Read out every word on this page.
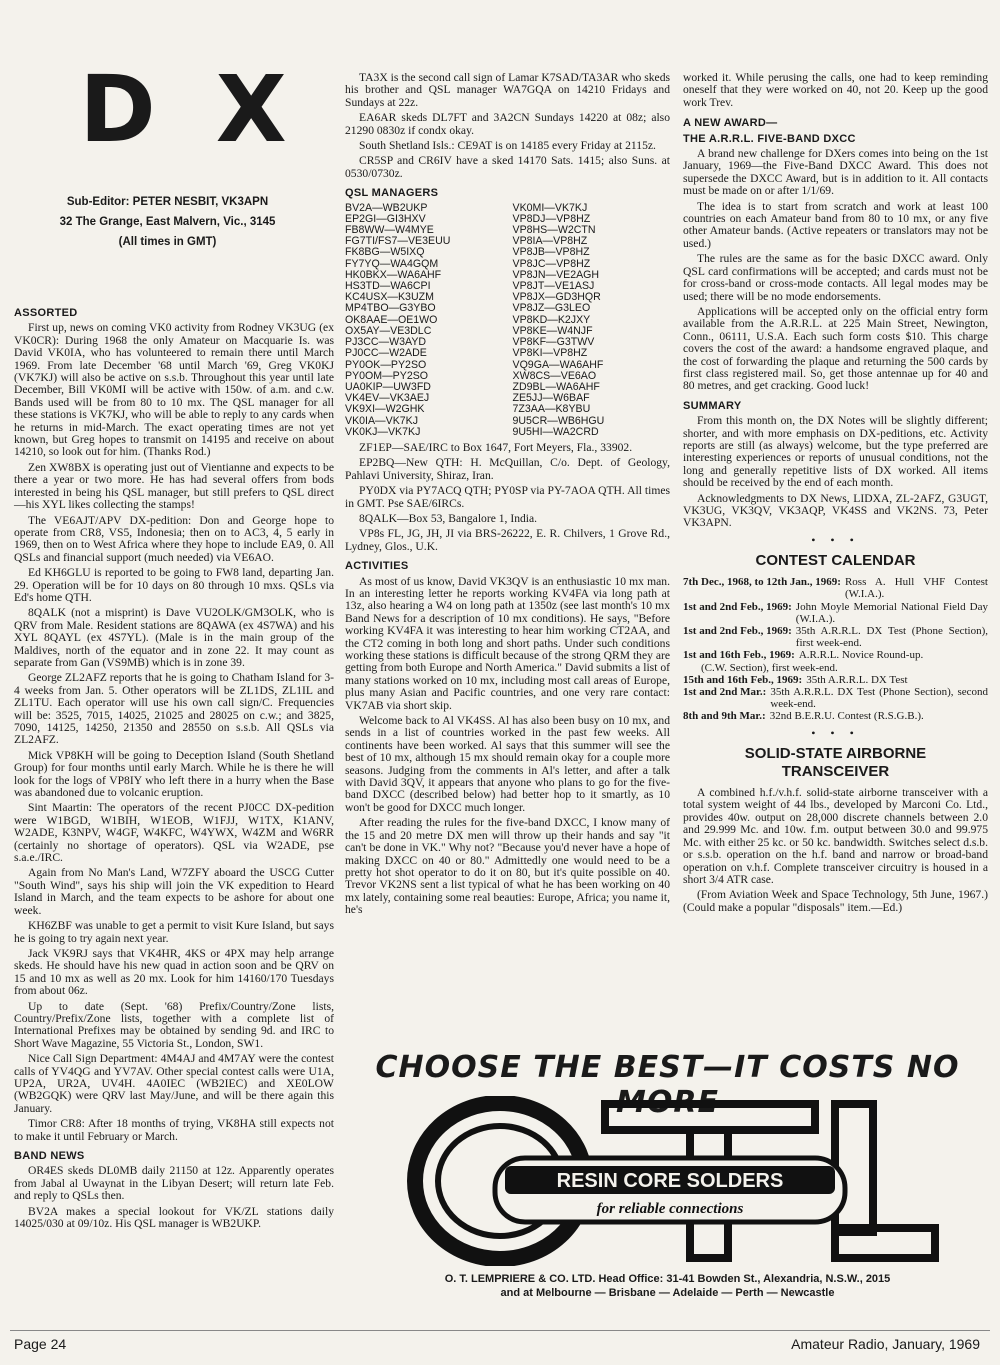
D X
Sub-Editor: PETER NESBIT, VK3APN
32 The Grange, East Malvern, Vic., 3145
(All times in GMT)
ASSORTED

First up, news on coming VK0 activity from Rodney VK3UG (ex VK0CR): During 1968 the only Amateur on Macquarie Is. was David VK0IA, who has volunteered to remain there until March 1969. From late December '68 until March '69, Greg VK0KJ (VK7KJ) will also be active on s.s.b. Throughout this year until late December, Bill VK0MI will be active with 150w. of a.m. and c.w. Bands used will be from 80 to 10 mx. The QSL manager for all these stations is VK7KJ, who will be able to reply to any cards when he returns in mid-March. The exact operating times are not yet known, but Greg hopes to transmit on 14195 and receive on about 14210, so look out for him. (Thanks Rod.)

Zen XW8BX is operating just out of Vientianne and expects to be there a year or two more. He has had several offers from bods interested in being his QSL manager, but still prefers to QSL direct—his XYL likes collecting the stamps!

The VE6AJT/APV DX-pedition: Don and George hope to operate from CR8, VS5, Indonesia; then on to AC3, 4, 5 early in 1969, then on to West Africa where they hope to include EA9, 0. All QSLs and financial support (much needed) via VE6AO.

Ed KH6GLU is reported to be going to FW8 land, departing Jan. 29. Operation will be for 10 days on 80 through 10 mxs. QSLs via Ed's home QTH.

8QALK (not a misprint) is Dave VU2OLK/GM3OLK, who is QRV from Male. Resident stations are 8QAWA (ex 4S7WA) and his XYL 8QAYL (ex 4S7YL). (Male is in the main group of the Maldives, north of the equator and in zone 22. It may count as separate from Gan (VS9MB) which is in zone 39.

George ZL2AFZ reports that he is going to Chatham Island for 3-4 weeks from Jan. 5. Other operators will be ZL1DS, ZL1IL and ZL1TU. Each operator will use his own call sign/C. Frequencies will be: 3525, 7015, 14025, 21025 and 28025 on c.w.; and 3825, 7090, 14125, 14250, 21350 and 28550 on s.s.b. All QSLs via ZL2AFZ.

Mick VP8KH will be going to Deception Island (South Shetland Group) for four months until early March. While he is there he will look for the logs of VP8IY who left there in a hurry when the Base was abandoned due to volcanic eruption.

Sint Maartin: The operators of the recent PJ0CC DX-pedition were W1BGD, W1BIH, W1EOB, W1FJJ, W1TX, K1ANV, W2ADE, K3NPV, W4GF, W4KFC, W4YWX, W4ZM and W6RR (certainly no shortage of operators). QSL via W2ADE, pse s.a.e./IRC.

Again from No Man's Land, W7ZFY aboard the USCG Cutter "South Wind", says his ship will join the VK expedition to Heard Island in March, and the team expects to be ashore for about one week.

KH6ZBF was unable to get a permit to visit Kure Island, but says he is going to try again next year.

Jack VK9RJ says that VK4HR, 4KS or 4PX may help arrange skeds. He should have his new quad in action soon and be QRV on 15 and 10 mx as well as 20 mx. Look for him 14160/170 Tuesdays from about 06z.

Up to date (Sept. '68) Prefix/Country/Zone lists, Country/Prefix/Zone lists, together with a complete list of International Prefixes may be obtained by sending 9d. and IRC to Short Wave Magazine, 55 Victoria St., London, SW1.

Nice Call Sign Department: 4M4AJ and 4M7AY were the contest calls of YV4QG and YV7AV. Other special contest calls were U1A, UP2A, UR2A, UV4H. 4A0IEC (WB2IEC) and XE0LOW (WB2GQK) were QRV last May/June, and will be there again this January.

Timor CR8: After 18 months of trying, VK8HA still expects not to make it until February or March.

BAND NEWS

OR4ES skeds DL0MB daily 21150 at 12z. Apparently operates from Jabal al Uwaynat in the Libyan Desert; will return late Feb. and reply to QSLs then.

BV2A makes a special lookout for VK/ZL stations daily 14025/030 at 09/10z. His QSL manager is WB2UKP.

TA3X is the second call sign of Lamar K7SAD/TA3AR who skeds his brother and QSL manager WA7GQA on 14210 Fridays and Sundays at 22z.

EA6AR skeds DL7FT and 3A2CN Sundays 14220 at 08z; also 21290 0830z if condx okay.

South Shetland Isls.: CE9AT is on 14185 every Friday at 2115z.

CR5SP and CR6IV have a sked 14170 Sats. 1415; also Suns. at 0530/0730z.

QSL MANAGERS
BV2A—WB2UKP
EP2GI—GI3HXV
FB8WW—W4MYE
FG7TI/FS7—VE3EUU
FK8BG—W5IXQ
FY7YQ—WA4GQM
HK0BKX—WA6AHF
HS3TD—WA6CPI
KC4USX—K3UZM
MP4TBO—G3YBO
OK8AAE—OE1WO
OX5AY—VE3DLC
PJ3CC—W3AYD
PJ0CC—W2ADE
PY0OK—PY2SO
PY0OM—PY2SO
UA0KIP—UW3FD
VK4EV—VK3AEJ
VK9XI—W2GHK
VK0IA—VK7KJ
VK0KJ—VK7KJ
VK0MI—VK7KJ
VP8DJ—VP8HZ
VP8HS—W2CTN
VP8IA—VP8HZ
VP8JB—VP8HZ
VP8JC—VP8HZ
VP8JN—VE2AGH
VP8JT—VE1ASJ
VP8JX—GD3HQR
VP8JZ—G3LEO
VP8KD—K2JXY
VP8KE—W4NJF
VP8KF—G3TWV
VP8KI—VP8HZ
VQ9GA—WA6AHF
XW8CS—VE6AO
ZD9BL—WA6AHF
ZE5JJ—W6BAF
7Z3AA—K8YBU
9U5CR—WB6HGU
9U5HI—WA2CRD

ZF1EP—SAE/IRC to Box 1647, Fort Meyers, Fla., 33902.

EP2BQ—New QTH: H. McQuillan, C/o. Dept. of Geology, Pahlavi University, Shiraz, Iran.

PY0DX via PY7ACQ QTH; PY0SP via PY-7AOA QTH. All times in GMT. Pse SAE/6IRCs.

8QALK—Box 53, Bangalore 1, India.

VP8s FL, JG, JH, JI via BRS-26222, E. R. Chilvers, 1 Grove Rd., Lydney, Glos., U.K.

ACTIVITIES

As most of us know, David VK3QV is an enthusiastic 10 mx man. In an interesting letter he reports working KV4FA via long path at 13z, also hearing a W4 on long path at 1350z (see last month's 10 mx Band News for a description of 10 mx conditions). He says, "Before working KV4FA it was interesting to hear him working CT2AA, and the CT2 coming in both long and short paths. Under such conditions working these stations is difficult because of the strong QRM they are getting from both Europe and North America." David submits a list of many stations worked on 10 mx, including most call areas of Europe, plus many Asian and Pacific countries, and one very rare contact: VK7AB via short skip.

Welcome back to Al VK4SS. Al has also been busy on 10 mx, and sends in a list of countries worked in the past few weeks. All continents have been worked. Al says that this summer will see the best of 10 mx, although 15 mx should remain okay for a couple more seasons. Judging from the comments in Al's letter, and after a talk with David 3QV, it appears that anyone who plans to go for the five-band DXCC (described below) had better hop to it smartly, as 10 won't be good for DXCC much longer.

After reading the rules for the five-band DXCC, I know many of the 15 and 20 metre DX men will throw up their hands and say "it can't be done in VK." Why not? "Because you'd never have a hope of making DXCC on 40 or 80." Admittedly one would need to be a pretty hot shot operator to do it on 80, but it's quite possible on 40. Trevor VK2NS sent a list typical of what he has been working on 40 mx lately, containing some real beauties: Europe, Africa; you name it, he's

worked it. While perusing the calls, one had to keep reminding oneself that they were worked on 40, not 20. Keep up the good work Trev.

A NEW AWARD—
THE A.R.R.L. FIVE-BAND DXCC

A brand new challenge for DXers comes into being on the 1st January, 1969—the Five-Band DXCC Award. This does not supersede the DXCC Award, but is in addition to it. All contacts must be made on or after 1/1/69.

The idea is to start from scratch and work at least 100 countries on each Amateur band from 80 to 10 mx, or any five other Amateur bands. (Active repeaters or translators may not be used.)

The rules are the same as for the basic DXCC award. Only QSL card confirmations will be accepted; and cards must not be for cross-band or cross-mode contacts. All legal modes may be used; there will be no mode endorsements.

Applications will be accepted only on the official entry form available from the A.R.R.L. at 225 Main Street, Newington, Conn., 06111, U.S.A. Each such form costs $10. This charge covers the cost of the award: a handsome engraved plaque, and the cost of forwarding the plaque and returning the 500 cards by first class registered mail. So, get those antennae up for 40 and 80 metres, and get cracking. Good luck!

SUMMARY

From this month on, the DX Notes will be slightly different; shorter, and with more emphasis on DX-peditions, etc. Activity reports are still (as always) welcome, but the type preferred are interesting experiences or reports of unusual conditions, not the long and generally repetitive lists of DX worked. All items should be received by the end of each month.

Acknowledgments to DX News, LIDXA, ZL-2AFZ, G3UGT, VK3UG, VK3QV, VK3AQP, VK4SS and VK2NS. 73, Peter VK3APN.

• • •
CONTEST CALENDAR
7th Dec., 1968, to 12th Jan., 1969: Ross A. Hull VHF Contest (W.I.A.).
1st and 2nd Feb., 1969: John Moyle Memorial National Field Day (W.I.A.).
1st and 2nd Feb., 1969: 35th A.R.R.L. DX Test (Phone Section), first week-end.
1st and 16th Feb., 1969: A.R.R.L. Novice Round-up.
(C.W. Section), first week-end.
15th and 16th Feb., 1969: 35th A.R.R.L. DX Test
1st and 2nd Mar.: 35th A.R.R.L. DX Test (Phone Section), second week-end.
8th and 9th Mar.: 32nd B.E.R.U. Contest (R.S.G.B.).
• • •
SOLID-STATE AIRBORNE TRANSCEIVER

A combined h.f./v.h.f. solid-state airborne transceiver with a total system weight of 44 lbs., developed by Marconi Co. Ltd., provides 40w. output on 28,000 discrete channels between 2.0 and 29.999 Mc. and 10w. f.m. output between 30.0 and 99.975 Mc. with either 25 kc. or 50 kc. bandwidth. Switches select d.s.b. or s.s.b. operation on the h.f. band and narrow or broad-band operation on v.h.f. Complete transceiver circuitry is housed in a short 3/4 ATR case.

(From Aviation Week and Space Technology, 5th June, 1967.) (Could make a popular "disposals" item.—Ed.)

CHOOSE THE BEST—IT COSTS NO MORE
RESIN CORE SOLDERS
for reliable connections
O. T. LEMPRIERE & CO. LTD. Head Office: 31-41 Bowden St., Alexandria, N.S.W., 2015
and at Melbourne — Brisbane — Adelaide — Perth — Newcastle
Page 24	Amateur Radio, January, 1969
